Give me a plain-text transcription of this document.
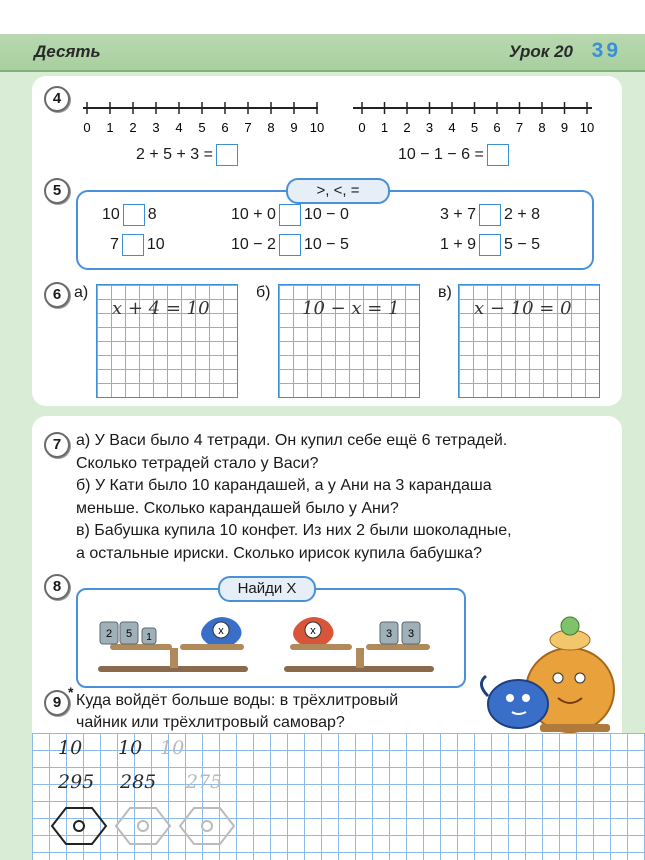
Десять	Урок 20 39
4
0 1 2 3 4 5 6 7 8 9 10	0 1 2 3 4 5 6 7 8 9 10
2 + 5 + 3 =	10 − 1 − 6 =
5	>, <, =
10 8	10 + 0 10 − 0	3 + 7 2 + 8
7 10	10 − 2 10 − 5	1 + 9 5 − 5
6 а)
x + 4 = 10
б)
10 − x = 1
в)
x − 10 = 0
7 а) У Васи было 4 тетради. Он купил себе ещё 6 тетрадей.
Сколько тетрадей стало у Васи?
б) У Кати было 10 карандашей, а у Ани на 3 карандаша
меньше. Сколько карандашей было у Ани?
в) Бабушка купила 10 конфет. Из них 2 были шоколадные,
а остальные ириски. Сколько ирисок купила бабушка?
8	Найди X
2 5 1
x	x	3 3
9
* Куда войдёт больше воды: в трёхлитровый
чайник или трёхлитровый самовар?
10 10 10
295 285 275
